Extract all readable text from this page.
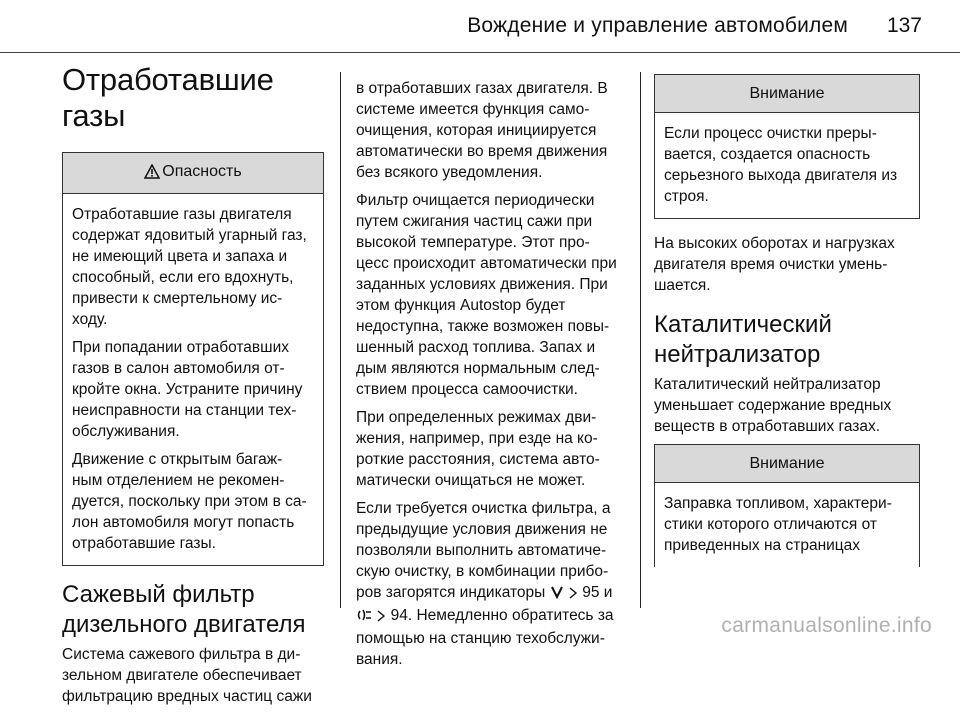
Вождение и управление автомобилем 137
Отработавшие газы
Опасность

Отработавшие газы двигателя содержат ядовитый угарный газ, не имеющий цвета и запаха и способный, если его вдохнуть, привести к смертельному ис- ходу.

При попадании отработавших газов в салон автомобиля от- кройте окна. Устраните причину неисправности на станции тех- обслуживания.

Движение с открытым багаж- ным отделением не рекомен- дуется, поскольку при этом в са- лон автомобиля могут попасть отработавшие газы.

Сажевый фильтр дизельного двигателя

Система сажевого фильтра в ди- зельном двигателе обеспечивает фильтрацию вредных частиц сажи

в отработавших газах двигателя. В системе имеется функция само- очищения, которая инициируется автоматически во время движения без всякого уведомления.

Фильтр очищается периодически путем сжигания частиц сажи при высокой температуре. Этот про- цесс происходит автоматически при заданных условиях движения. При этом функция Autostop будет недоступна, также возможен повы- шенный расход топлива. Запах и дым являются нормальным след- ствием процесса самоочистки.

При определенных режимах дви- жения, например, при езде на ко- роткие расстояния, система авто- матически очищаться не может.

Если требуется очистка фильтра, а предыдущие условия движения не позволяли выполнить автоматиче- скую очистку, в комбинации прибо- ров загорятся индикаторы 95 и   94. Немедленно обратитесь за помощью на станцию техобслужи- вания.

Внимание

Если процесс очистки преры- вается, создается опасность серьезного выхода двигателя из строя.

На высоких оборотах и нагрузках двигателя время очистки умень- шается.

Каталитический нейтрализатор

Каталитический нейтрализатор уменьшает содержание вредных веществ в отработавших газах.

Внимание

Заправка топливом, характери- стики которого отличаются от приведенных на страницах

carmanualsonline.info
